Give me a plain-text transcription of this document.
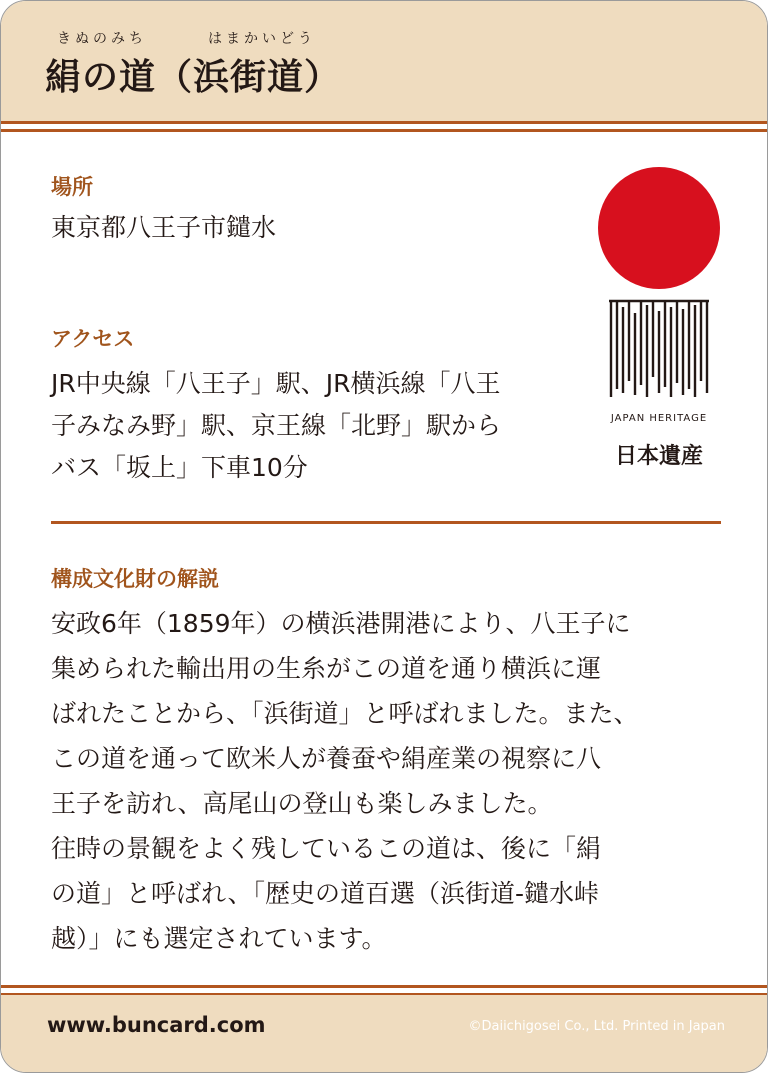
きぬのみち	はまかいどう
絹の道（浜街道）
場所
東京都八王子市鑓水
アクセス
JR中央線「八王子」駅、JR横浜線「八王
子みなみ野」駅、京王線「北野」駅から
バス「坂上」下車10分
構成文化財の解説
安政6年（1859年）の横浜港開港により、八王子に
集められた輸出用の生糸がこの道を通り横浜に運
ばれたことから、「浜街道」と呼ばれました。また、
この道を通って欧米人が養蚕や絹産業の視察に八
王子を訪れ、高尾山の登山も楽しみました。
往時の景観をよく残しているこの道は、後に「絹
の道」と呼ばれ、「歴史の道百選（浜街道-鑓水峠
越）」にも選定されています。
JAPAN HERITAGE
日本遺産
www.buncard.com	©Daiichigosei Co., Ltd. Printed in Japan
